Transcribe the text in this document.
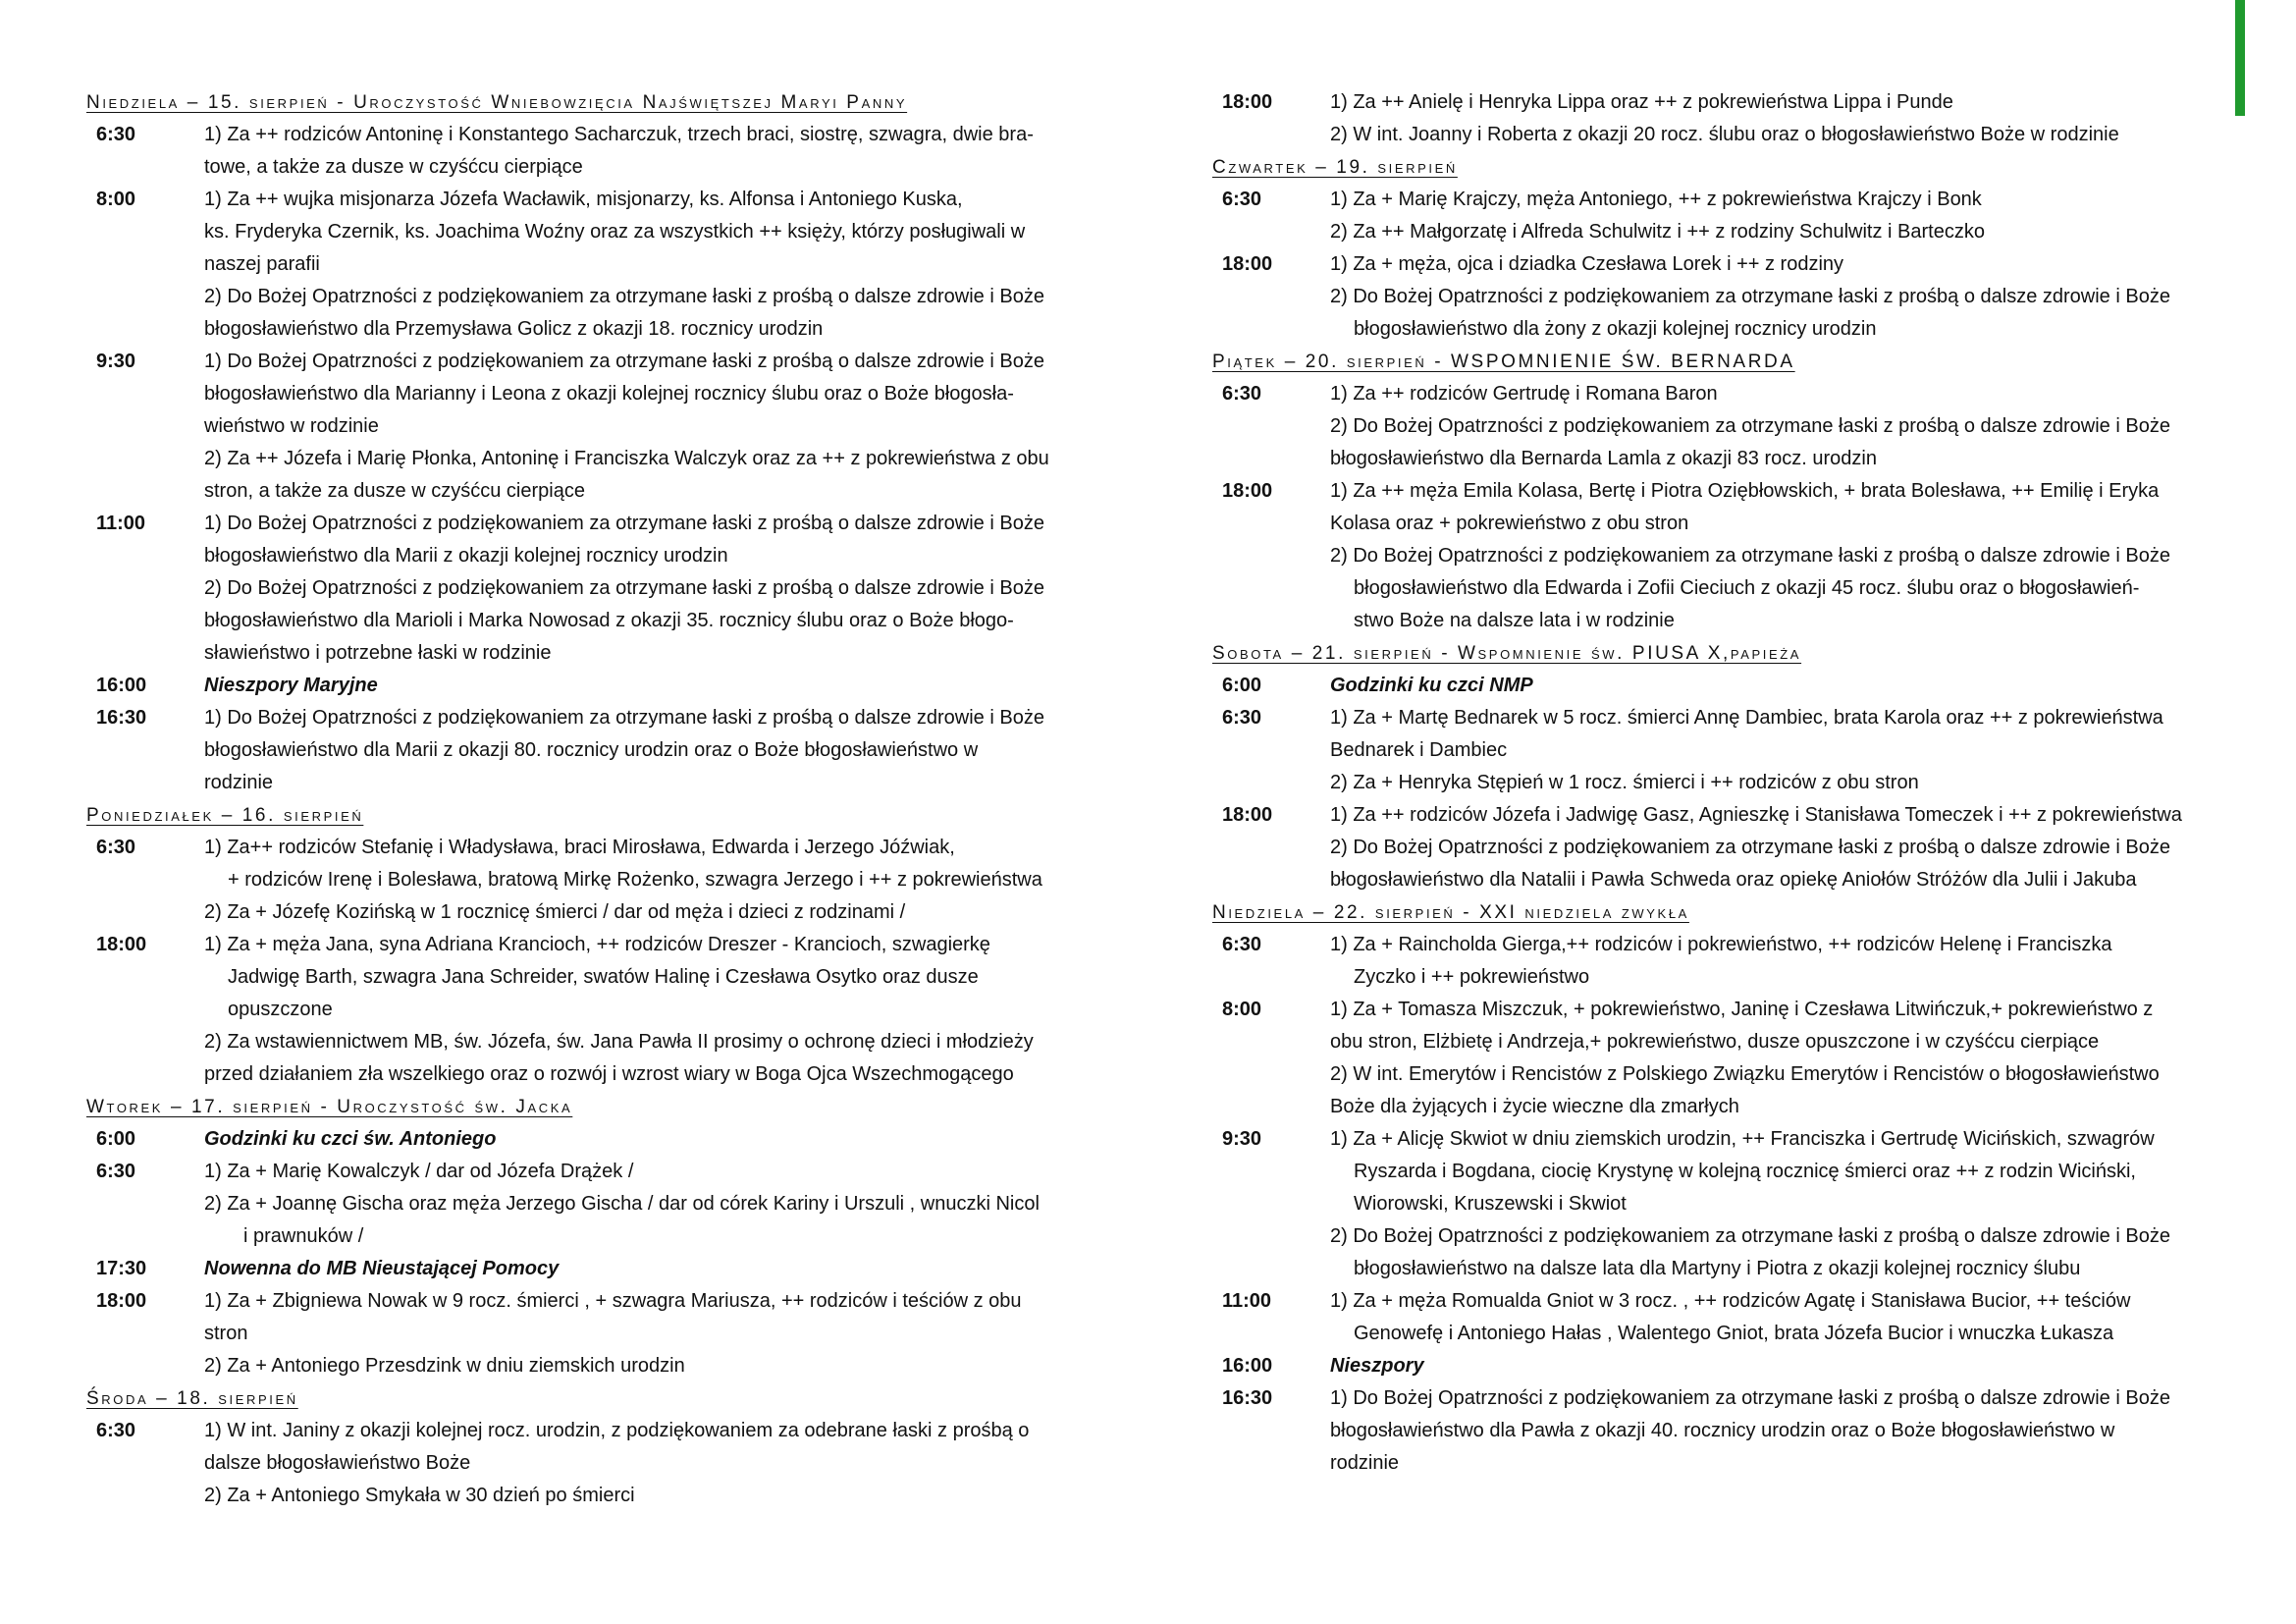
Niedziela – 15. sierpień - Uroczystość Wniebowzięcia Najświętszej Maryi Panny
6:30	1) Za ++ rodziców Antoninę i Konstantego Sacharczuk, trzech braci, siostrę, szwagra, dwie bra-
towe, a także za dusze w czyśćcu cierpiące
8:00	1) Za ++ wujka misjonarza Józefa Wacławik, misjonarzy, ks. Alfonsa i Antoniego Kuska,
ks. Fryderyka Czernik, ks. Joachima Woźny oraz za wszystkich ++ księży, którzy posługiwali w
naszej parafii
2) Do Bożej Opatrzności z podziękowaniem za otrzymane łaski z prośbą o dalsze zdrowie i Boże
błogosławieństwo dla Przemysława Golicz z okazji 18. rocznicy urodzin
9:30	1) Do Bożej Opatrzności z podziękowaniem za otrzymane łaski z prośbą o dalsze zdrowie i Boże
błogosławieństwo dla Marianny i Leona z okazji kolejnej rocznicy ślubu oraz o Boże błogosła-
wieństwo w rodzinie
2) Za ++ Józefa i Marię Płonka, Antoninę i Franciszka Walczyk oraz za ++ z pokrewieństwa z obu
stron, a także za dusze w czyśćcu cierpiące
11:00	1) Do Bożej Opatrzności z podziękowaniem za otrzymane łaski z prośbą o dalsze zdrowie i Boże
błogosławieństwo dla Marii z okazji kolejnej rocznicy urodzin
2) Do Bożej Opatrzności z podziękowaniem za otrzymane łaski z prośbą o dalsze zdrowie i Boże
błogosławieństwo dla Marioli i Marka Nowosad z okazji 35. rocznicy ślubu oraz o Boże błogo-
sławieństwo i potrzebne łaski w rodzinie
16:00	Nieszpory Maryjne
16:30	1) Do Bożej Opatrzności z podziękowaniem za otrzymane łaski z prośbą o dalsze zdrowie i Boże
błogosławieństwo dla Marii z okazji 80. rocznicy urodzin oraz o Boże błogosławieństwo w
rodzinie
Poniedziałek – 16. sierpień
6:30	1) Za++ rodziców Stefanię i Władysława, braci Mirosława, Edwarda i Jerzego Jóźwiak,
+ rodziców Irenę i Bolesława, bratową Mirkę Rożenko, szwagra Jerzego i ++ z pokrewieństwa
2) Za + Józefę Kozińską w 1 rocznicę śmierci / dar od męża i dzieci z rodzinami /
18:00	1) Za + męża Jana, syna Adriana Krancioch, ++ rodziców Dreszer - Krancioch, szwagierkę
Jadwigę Barth, szwagra Jana Schreider, swatów Halinę i Czesława Osytko oraz dusze
opuszczone
2) Za wstawiennictwem MB, św. Józefa, św. Jana Pawła II prosimy o ochronę dzieci i młodzieży
przed działaniem zła wszelkiego oraz o rozwój i wzrost wiary w Boga Ojca Wszechmogącego
Wtorek – 17. sierpień - Uroczystość św. Jacka
6:00	Godzinki ku czci św. Antoniego
6:30	1) Za + Marię Kowalczyk / dar od Józefa Drążek /
2) Za + Joannę Gischa oraz męża Jerzego Gischa / dar od córek Kariny i Urszuli , wnuczki Nicol
i prawnuków /
17:30	Nowenna do MB Nieustającej Pomocy
18:00	1) Za + Zbigniewa Nowak w 9 rocz. śmierci , + szwagra Mariusza, ++ rodziców i teściów z obu
stron
2) Za + Antoniego Przesdzink w dniu ziemskich urodzin
Środa – 18. sierpień
6:30	1) W int. Janiny z okazji kolejnej rocz. urodzin, z podziękowaniem za odebrane łaski z prośbą o
dalsze błogosławieństwo Boże
2) Za + Antoniego Smykała w 30 dzień po śmierci
18:00	1) Za ++ Anielę i Henryka Lippa oraz ++ z pokrewieństwa Lippa i Punde
2) W int. Joanny i Roberta z okazji 20 rocz. ślubu oraz o błogosławieństwo Boże w rodzinie
Czwartek – 19. sierpień
6:30	1) Za + Marię Krajczy, męża Antoniego, ++ z pokrewieństwa Krajczy i Bonk
2) Za ++ Małgorzatę i Alfreda Schulwitz i ++ z rodziny Schulwitz i Barteczko
18:00	1) Za + męża, ojca i dziadka Czesława Lorek i ++ z rodziny
2) Do Bożej Opatrzności z podziękowaniem za otrzymane łaski z prośbą o dalsze zdrowie i Boże
błogosławieństwo dla żony z okazji kolejnej rocznicy urodzin
Piątek – 20. sierpień - WSPOMNIENIE ŚW. BERNARDA
6:30	1) Za ++ rodziców Gertrudę i Romana Baron
2) Do Bożej Opatrzności z podziękowaniem za otrzymane łaski z prośbą o dalsze zdrowie i Boże
błogosławieństwo dla Bernarda Lamla z okazji 83 rocz. urodzin
18:00	1) Za ++ męża Emila Kolasa, Bertę i Piotra Oziębłowskich, + brata Bolesława, ++ Emilię i Eryka
Kolasa oraz + pokrewieństwo z obu stron
2) Do Bożej Opatrzności z podziękowaniem za otrzymane łaski z prośbą o dalsze zdrowie i Boże
błogosławieństwo dla Edwarda i Zofii Cieciuch z okazji 45 rocz. ślubu oraz o błogosławień-
stwo Boże na dalsze lata i w rodzinie
Sobota – 21. sierpień - Wspomnienie św. PIUSA X,papieża
6:00	Godzinki ku czci NMP
6:30	1) Za + Martę Bednarek w 5 rocz. śmierci Annę Dambiec, brata Karola oraz ++ z pokrewieństwa
Bednarek i Dambiec
2) Za + Henryka Stępień w 1 rocz. śmierci i ++ rodziców z obu stron
18:00	1) Za ++ rodziców Józefa i Jadwigę Gasz, Agnieszkę i Stanisława Tomeczek i ++ z pokrewieństwa
2) Do Bożej Opatrzności z podziękowaniem za otrzymane łaski z prośbą o dalsze zdrowie i Boże
błogosławieństwo dla Natalii i Pawła Schweda oraz opiekę Aniołów Stróżów dla Julii i Jakuba
Niedziela – 22. sierpień - XXI niedziela zwykła
6:30	1) Za + Raincholda Gierga,++ rodziców i pokrewieństwo, ++ rodziców Helenę i Franciszka
Zyczko i ++ pokrewieństwo
8:00	1) Za + Tomasza Miszczuk, + pokrewieństwo, Janinę i Czesława Litwińczuk,+ pokrewieństwo z
obu stron, Elżbietę i Andrzeja,+ pokrewieństwo, dusze opuszczone i w czyśćcu cierpiące
2) W int. Emerytów i Rencistów z Polskiego Związku Emerytów i Rencistów o błogosławieństwo
Boże dla żyjących i życie wieczne dla zmarłych
9:30	1) Za + Alicję Skwiot w dniu ziemskich urodzin, ++ Franciszka i Gertrudę Wicińskich, szwagrów
Ryszarda i Bogdana, ciocię Krystynę w kolejną rocznicę śmierci oraz ++ z rodzin Wiciński,
Wiorowski, Kruszewski i Skwiot
2) Do Bożej Opatrzności z podziękowaniem za otrzymane łaski z prośbą o dalsze zdrowie i Boże
błogosławieństwo na dalsze lata dla Martyny i Piotra z okazji kolejnej rocznicy ślubu
11:00	1) Za + męża Romualda Gniot w 3 rocz. , ++ rodziców Agatę i Stanisława Bucior, ++ teściów
Genowefę i Antoniego Hałas , Walentego Gniot, brata Józefa Bucior i wnuczka Łukasza
16:00	Nieszpory
16:30	1) Do Bożej Opatrzności z podziękowaniem za otrzymane łaski z prośbą o dalsze zdrowie i Boże
błogosławieństwo dla Pawła z okazji 40. rocznicy urodzin oraz o Boże błogosławieństwo w
rodzinie
